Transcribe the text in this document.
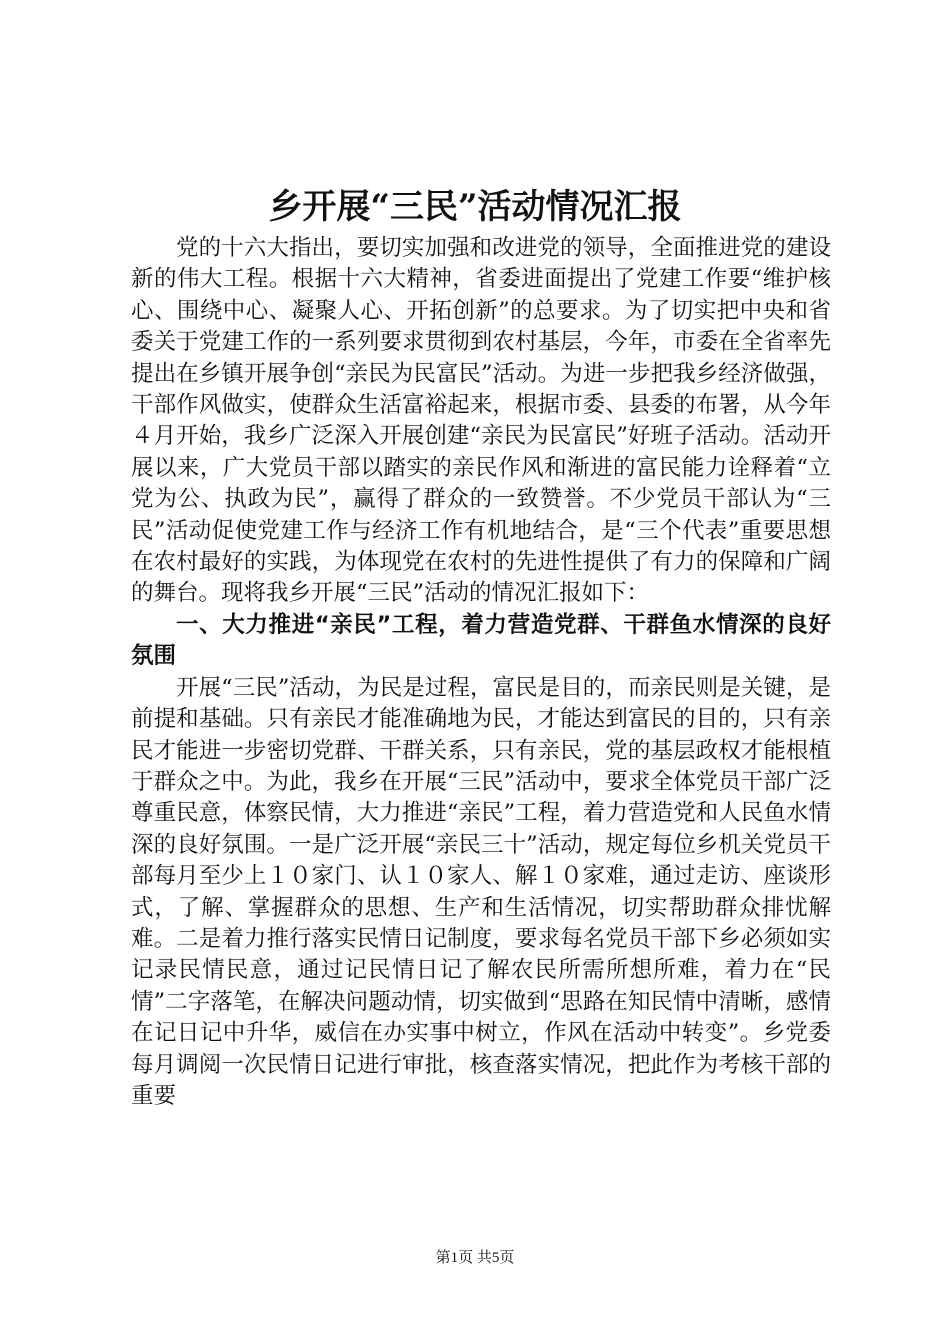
乡开展“三民”活动情况汇报

党的十六大指出，要切实加强和改进党的领导，全面推进党的建设新的伟大工程。根据十六大精神，省委进面提出了党建工作要“维护核心、围绕中心、凝聚人心、开拓创新”的总要求。为了切实把中央和省委关于党建工作的一系列要求贯彻到农村基层，今年，市委在全省率先提出在乡镇开展争创“亲民为民富民”活动。为进一步把我乡经济做强，干部作风做实，使群众生活富裕起来，根据市委、县委的布署，从今年４月开始，我乡广泛深入开展创建“亲民为民富民”好班子活动。活动开展以来，广大党员干部以踏实的亲民作风和渐进的富民能力诠释着“立党为公、执政为民”，赢得了群众的一致赞誉。不少党员干部认为“三民”活动促使党建工作与经济工作有机地结合，是“三个代表”重要思想在农村最好的实践，为体现党在农村的先进性提供了有力的保障和广阔的舞台。现将我乡开展“三民”活动的情况汇报如下：

一、大力推进“亲民”工程，着力营造党群、干群鱼水情深的良好氛围

开展“三民”活动，为民是过程，富民是目的，而亲民则是关键，是前提和基础。只有亲民才能准确地为民，才能达到富民的目的，只有亲民才能进一步密切党群、干群关系，只有亲民，党的基层政权才能根植于群众之中。为此，我乡在开展“三民”活动中，要求全体党员干部广泛尊重民意，体察民情，大力推进“亲民”工程，着力营造党和人民鱼水情深的良好氛围。一是广泛开展“亲民三十”活动，规定每位乡机关党员干部每月至少上１０家门、认１０家人、解１０家难，通过走访、座谈形式，了解、掌握群众的思想、生产和生活情况，切实帮助群众排忧解难。二是着力推行落实民情日记制度，要求每名党员干部下乡必须如实记录民情民意，通过记民情日记了解农民所需所想所难，着力在“民情”二字落笔，在解决问题动情，切实做到“思路在知民情中清晰，感情在记日记中升华，威信在办实事中树立，作风在活动中转变”。乡党委每月调阅一次民情日记进行审批，核查落实情况，把此作为考核干部的重要

第1页 共5页
